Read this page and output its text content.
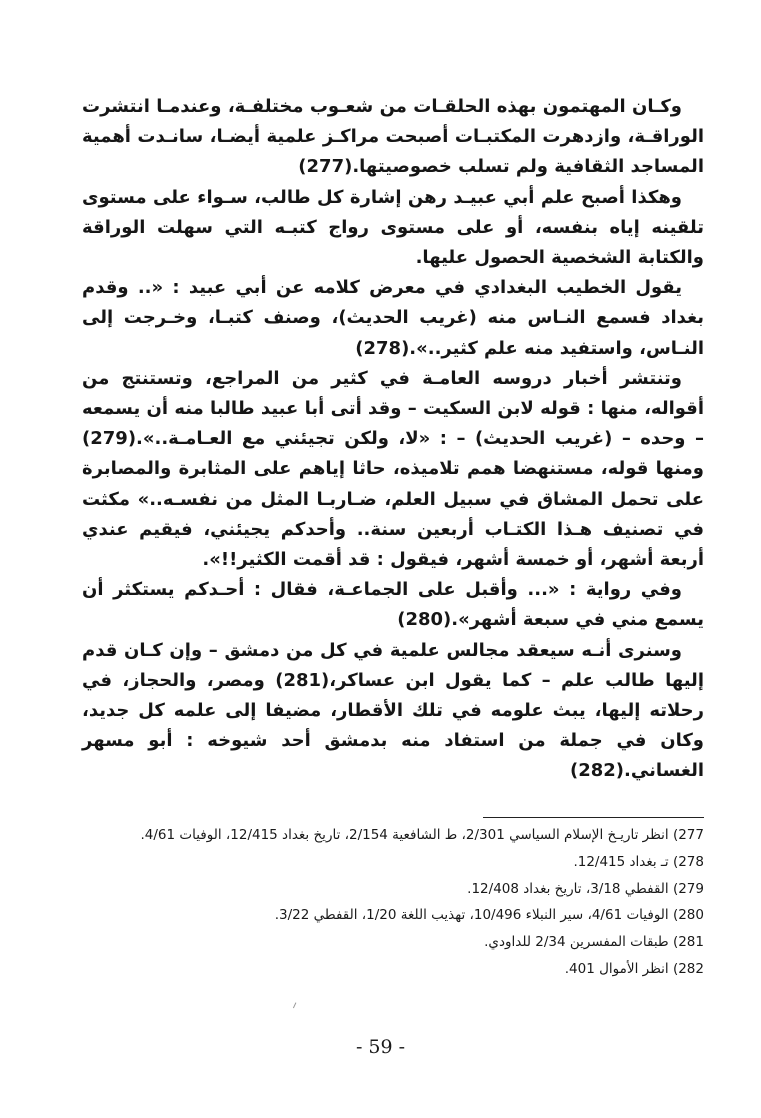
وكـان المهتمون بهذه الحلقـات من شعـوب مختلفـة، وعندمـا انتشرت الوراقـة، وازدهرت المكتبـات أصبحت مراكـز علمية أيضـا، سانـدت أهمية المساجد الثقافية ولم تسلب خصوصيتها.(277)

وهكذا أصبح علم أبي عبيـد رهن إشارة كل طالب، سـواء على مستوى تلقينه إياه بنفسه، أو على مستوى رواج كتبـه التي سهلت الوراقة والكتابة الشخصية الحصول عليها.

يقول الخطيب البغدادي في معرض كلامه عن أبي عبيد : «.. وقدم بغداد فسمع النـاس منه (غريب الحديث)، وصنف كتبـا، وخـرجت إلى النـاس، واستفيد منه علم كثير..».(278)

وتنتشر أخبار دروسه العامـة في كثير من المراجع، وتستنتج من أقواله، منها : قوله لابن السكيت – وقد أتى أبا عبيد طالبا منه أن يسمعه – وحده – (غريب الحديث) – : «لا، ولكن تجيئني مع العـامـة..».(279) ومنها قوله، مستنهضا همم تلاميذه، حاثا إياهم على المثابرة والمصابرة على تحمل المشاق في سبيل العلم، ضـاربـا المثل من نفسـه..» مكثت في تصنيف هـذا الكتـاب أربعين سنة.. وأحدكم يجيئني، فيقيم عندي أربعة أشهر، أو خمسة أشهر، فيقول : قد أقمت الكثير!!».

وفي رواية : «... وأقبل على الجماعـة، فقال : أحـدكم يستكثر أن يسمع مني في سبعة أشهر».(280)

وسنرى أنـه سيعقد مجالس علمية في كل من دمشق – وإن كـان قدم إليها طالب علم – كما يقول ابن عساكر،(281) ومصر، والحجاز، في رحلاته إليها، يبث علومه في تلك الأقطار، مضيفا إلى علمه كل جديد، وكان في جملة من استفاد منه بدمشق أحد شيوخه : أبو مسهر الغساني.(282)

277) انظر تاريـخ الإسلام السياسي 2/301، ط الشافعية 2/154، تاريخ بغداد 12/415، الوفيات 4/61.

278) تـ بغداد 12/415.

279) القفطي 3/18، تاريخ بغداد 12/408.

280) الوفيات 4/61، سير النبلاء 10/496، تهذيب اللغة 1/20، القفطي 3/22.

281) طبقات المفسرين 2/34 للداودي.

282) انظر الأموال 401.

- 59 -
